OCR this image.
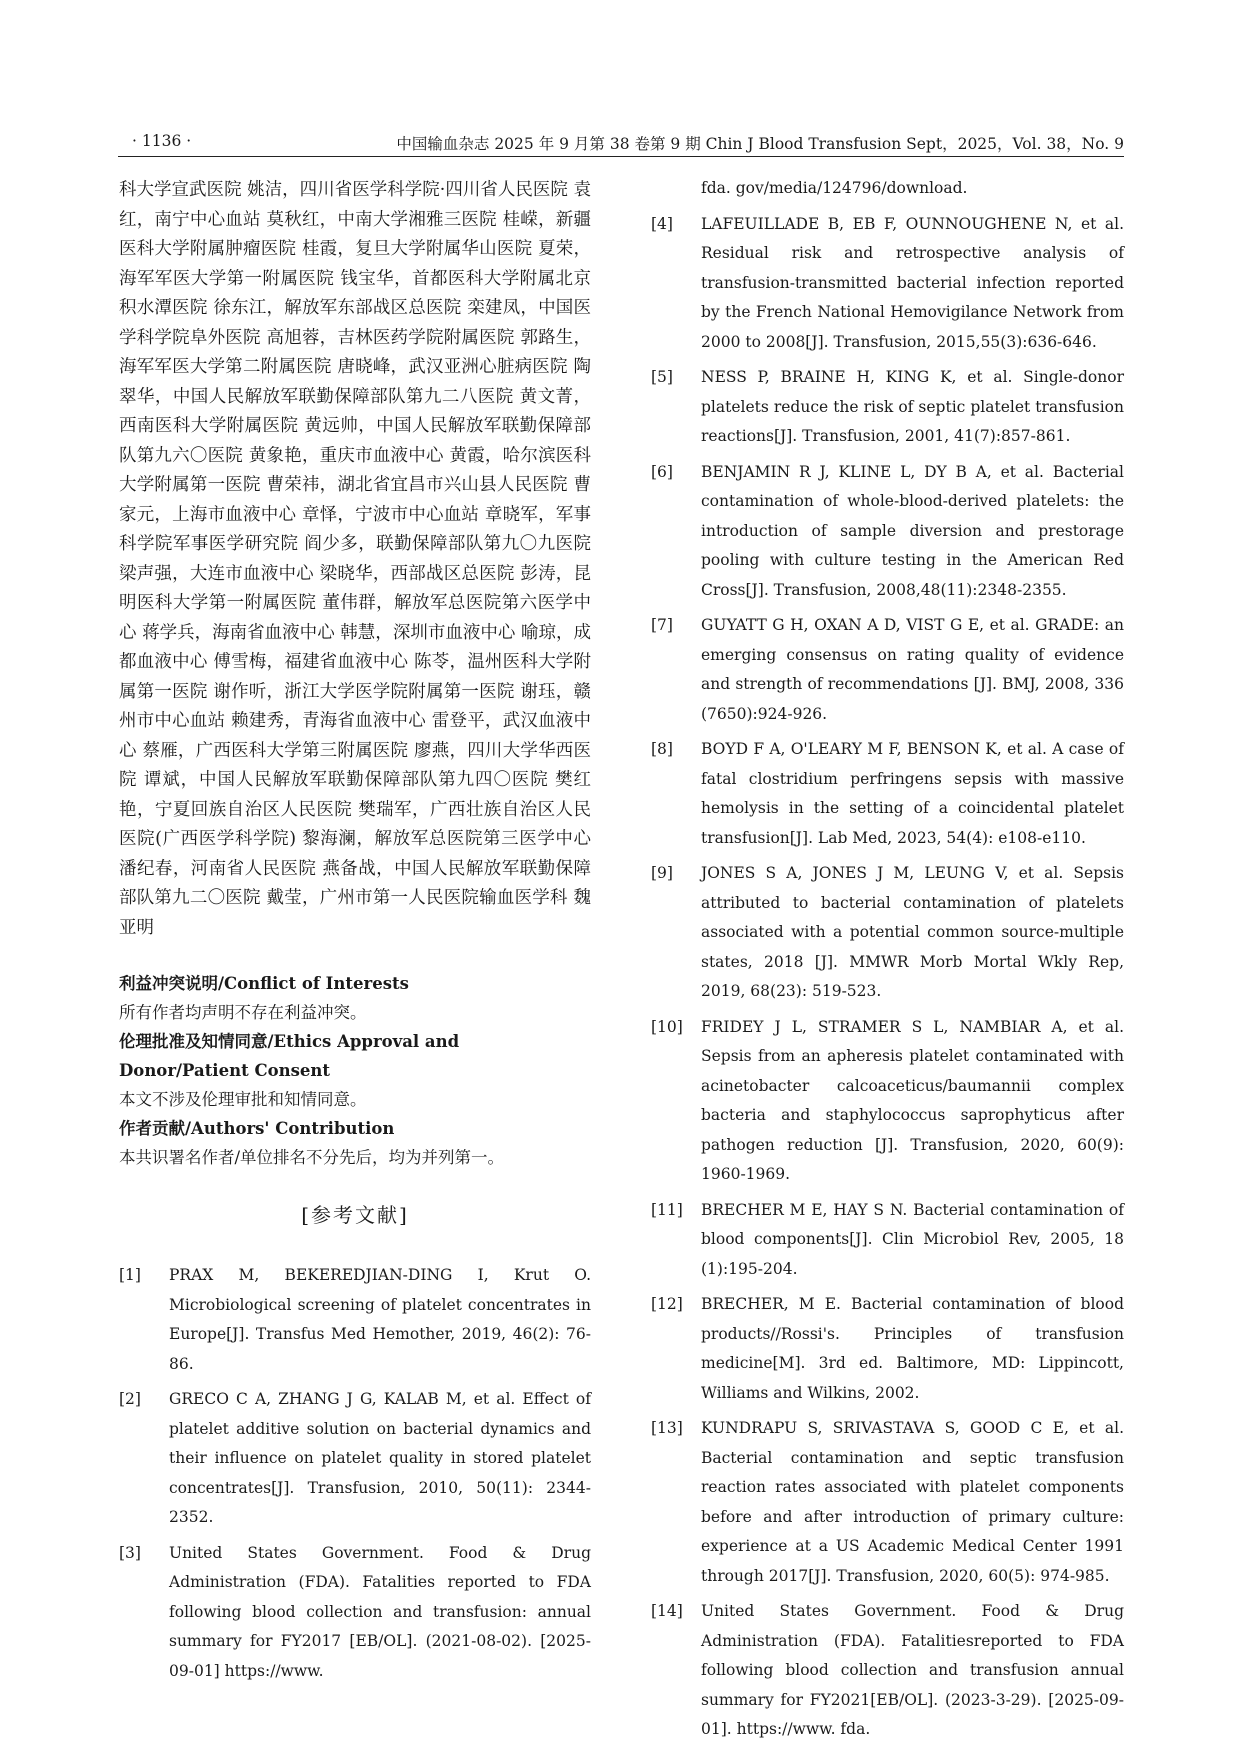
· 1136 ·	中国输血杂志 2025 年 9 月第 38 卷第 9 期 Chin J Blood Transfusion Sept，2025，Vol. 38，No. 9
科大学宣武医院 姚洁，四川省医学科学院·四川省人民医院 袁红，南宁中心血站 莫秋红，中南大学湘雅三医院 桂嵘，新疆医科大学附属肿瘤医院 桂霞，复旦大学附属华山医院 夏荣，海军军医大学第一附属医院 钱宝华，首都医科大学附属北京积水潭医院 徐东江，解放军东部战区总医院 栾建凤，中国医学科学院阜外医院 高旭蓉，吉林医药学院附属医院 郭路生，海军军医大学第二附属医院 唐晓峰，武汉亚洲心脏病医院 陶翠华，中国人民解放军联勤保障部队第九二八医院 黄文菁，西南医科大学附属医院 黄远帅，中国人民解放军联勤保障部队第九六〇医院 黄象艳，重庆市血液中心 黄霞，哈尔滨医科大学附属第一医院 曹荣祎，湖北省宜昌市兴山县人民医院 曹家元，上海市血液中心 章怿，宁波市中心血站 章晓军，军事科学院军事医学研究院 阎少多，联勤保障部队第九〇九医院 梁声强，大连市血液中心 梁晓华，西部战区总医院 彭涛，昆明医科大学第一附属医院 董伟群，解放军总医院第六医学中心 蒋学兵，海南省血液中心 韩慧，深圳市血液中心 喻琼，成都血液中心 傅雪梅，福建省血液中心 陈苓，温州医科大学附属第一医院 谢作听，浙江大学医学院附属第一医院 谢珏，赣州市中心血站 赖建秀，青海省血液中心 雷登平，武汉血液中心 蔡雁，广西医科大学第三附属医院 廖燕，四川大学华西医院 谭斌，中国人民解放军联勤保障部队第九四〇医院 樊红艳，宁夏回族自治区人民医院 樊瑞军，广西壮族自治区人民医院(广西医学科学院) 黎海澜，解放军总医院第三医学中心 潘纪春，河南省人民医院 燕备战，中国人民解放军联勤保障部队第九二〇医院 戴莹，广州市第一人民医院输血医学科 魏亚明
利益冲突说明/Conflict of Interests
所有作者均声明不存在利益冲突。
伦理批准及知情同意/Ethics Approval and Donor/Patient Consent
本文不涉及伦理审批和知情同意。
作者贡献/Authors' Contribution
本共识署名作者/单位排名不分先后，均为并列第一。
[参考文献]
[1]	PRAX M, BEKEREDJIAN-DING I, Krut O. Microbiological screening of platelet concentrates in Europe[J]. Transfus Med Hemother, 2019, 46(2): 76-86.
[2]	GRECO C A, ZHANG J G, KALAB M, et al. Effect of platelet additive solution on bacterial dynamics and their influence on platelet quality in stored platelet concentrates[J]. Transfusion, 2010, 50(11): 2344-2352.
[3]	United States Government. Food & Drug Administration (FDA). Fatalities reported to FDA following blood collection and transfusion: annual summary for FY2017 [EB/OL]. (2021-08-02). [2025-09-01] https://www.
fda. gov/media/124796/download.
[4]	LAFEUILLADE B, EB F, OUNNOUGHENE N, et al. Residual risk and retrospective analysis of transfusion-transmitted bacterial infection reported by the French National Hemovigilance Network from 2000 to 2008[J]. Transfusion, 2015,55(3):636-646.
[5]	NESS P, BRAINE H, KING K, et al. Single-donor platelets reduce the risk of septic platelet transfusion reactions[J]. Transfusion, 2001, 41(7):857-861.
[6]	BENJAMIN R J, KLINE L, DY B A, et al. Bacterial contamination of whole-blood-derived platelets: the introduction of sample diversion and prestorage pooling with culture testing in the American Red Cross[J]. Transfusion, 2008,48(11):2348-2355.
[7]	GUYATT G H, OXAN A D, VIST G E, et al. GRADE: an emerging consensus on rating quality of evidence and strength of recommendations [J]. BMJ, 2008, 336 (7650):924-926.
[8]	BOYD F A, O'LEARY M F, BENSON K, et al. A case of fatal clostridium perfringens sepsis with massive hemolysis in the setting of a coincidental platelet transfusion[J]. Lab Med, 2023, 54(4): e108-e110.
[9]	JONES S A, JONES J M, LEUNG V, et al. Sepsis attributed to bacterial contamination of platelets associated with a potential common source-multiple states, 2018 [J]. MMWR Morb Mortal Wkly Rep, 2019, 68(23): 519-523.
[10]	FRIDEY J L, STRAMER S L, NAMBIAR A, et al. Sepsis from an apheresis platelet contaminated with acinetobacter calcoaceticus/baumannii complex bacteria and staphylococcus saprophyticus after pathogen reduction [J]. Transfusion, 2020, 60(9): 1960-1969.
[11]	BRECHER M E, HAY S N. Bacterial contamination of blood components[J]. Clin Microbiol Rev, 2005, 18 (1):195-204.
[12]	BRECHER, M E. Bacterial contamination of blood products//Rossi's. Principles of transfusion medicine[M]. 3rd ed. Baltimore, MD: Lippincott, Williams and Wilkins, 2002.
[13]	KUNDRAPU S, SRIVASTAVA S, GOOD C E, et al. Bacterial contamination and septic transfusion reaction rates associated with platelet components before and after introduction of primary culture: experience at a US Academic Medical Center 1991 through 2017[J]. Transfusion, 2020, 60(5): 974-985.
[14]	United States Government. Food & Drug Administration (FDA). Fatalitiesreported to FDA following blood collection and transfusion annual summary for FY2021[EB/OL]. (2023-3-29). [2025-09-01]. https://www. fda.
